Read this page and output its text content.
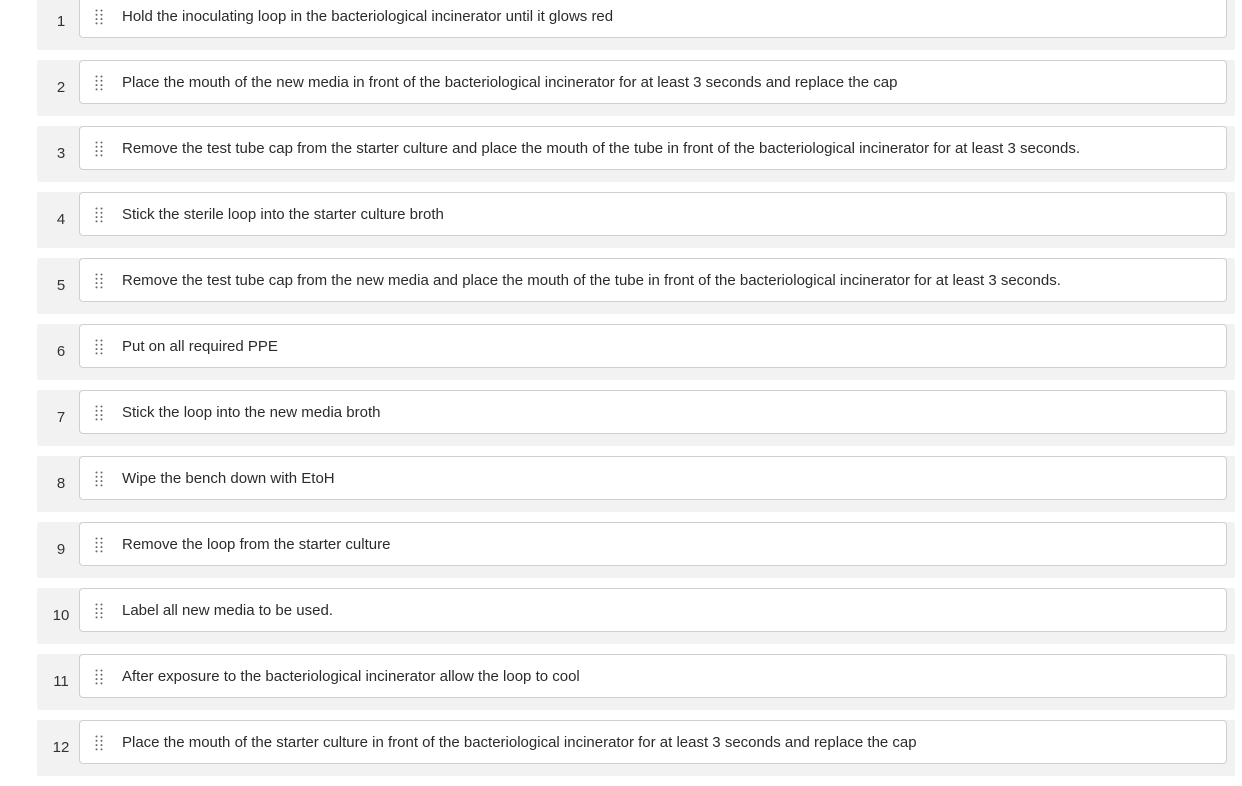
1	Hold the inoculating loop in the bacteriological incinerator until it glows red
2	Place the mouth of the new media in front of the bacteriological incinerator for at least 3 seconds and replace the cap
3	Remove the test tube cap from the starter culture and place the mouth of the tube in front of the bacteriological incinerator for at least 3 seconds.
4	Stick the sterile loop into the starter culture broth
5	Remove the test tube cap from the new media and place the mouth of the tube in front of the bacteriological incinerator for at least 3 seconds.
6	Put on all required PPE
7	Stick the loop into the new media broth
8	Wipe the bench down with EtoH
9	Remove the loop from the starter culture
10	Label all new media to be used.
11	After exposure to the bacteriological incinerator allow the loop to cool
12	Place the mouth of the starter culture in front of the bacteriological incinerator for at least 3 seconds and replace the cap
